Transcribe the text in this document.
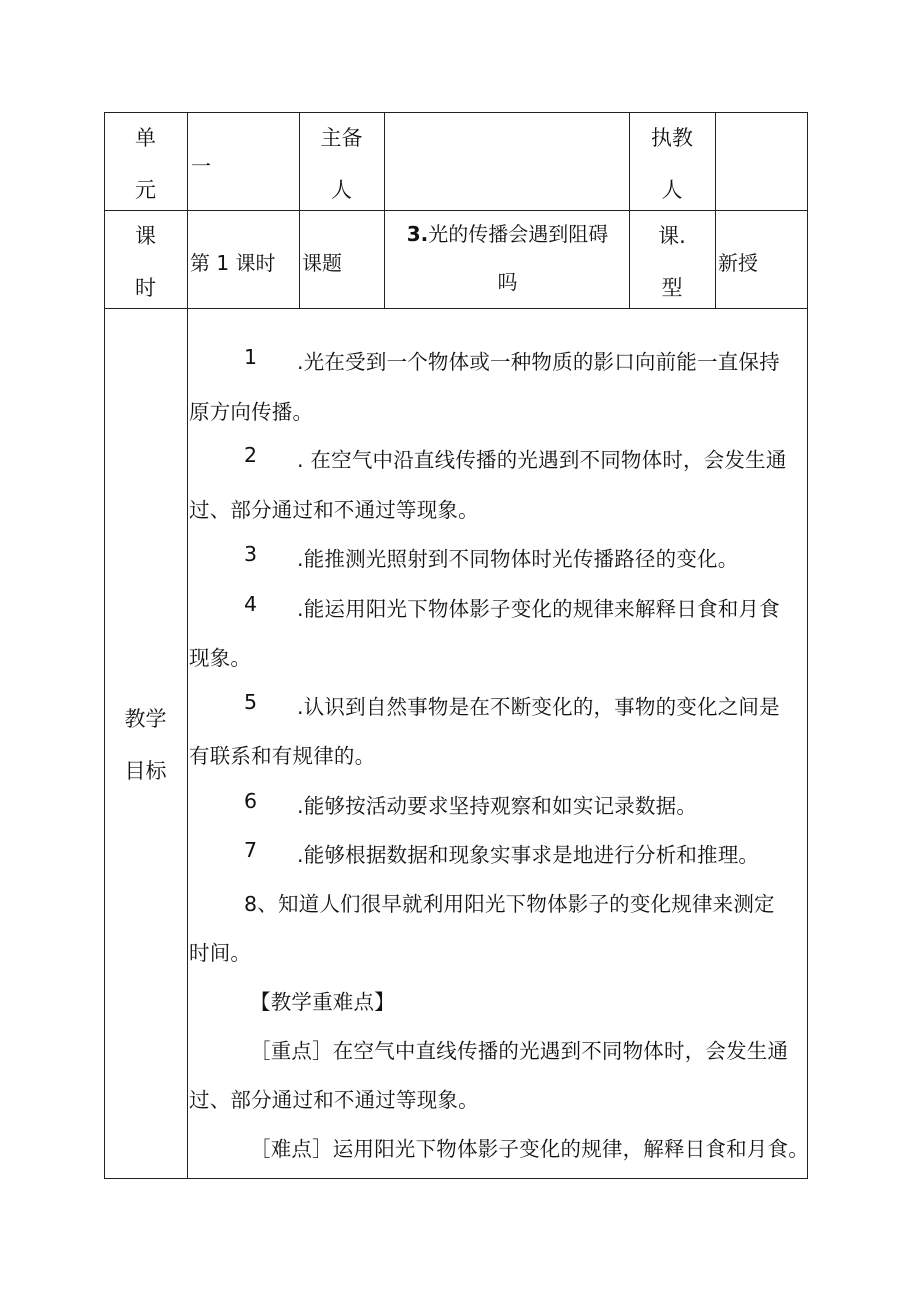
单
元
一
主备
人
执教
人
课
时
第 1 课时 课题
3.光的传播会遇到阻碍
吗
课.
型
新授
教学
目标
1 .光在受到一个物体或一种物质的影口向前能一直保持
原方向传播。
2 . 在空气中沿直线传播的光遇到不同物体时，会发生通
过、部分通过和不通过等现象。
3 .能推测光照射到不同物体时光传播路径的变化。
4 .能运用阳光下物体影子变化的规律来解释日食和月食
现象。
5 .认识到自然事物是在不断变化的，事物的变化之间是
有联系和有规律的。
6 .能够按活动要求坚持观察和如实记录数据。
7 .能够根据数据和现象实事求是地进行分析和推理。
8、知道人们很早就利用阳光下物体影子的变化规律来测定
时间。
【教学重难点】
［重点］在空气中直线传播的光遇到不同物体时，会发生通
过、部分通过和不通过等现象。
［难点］运用阳光下物体影子变化的规律，解释日食和月食。
